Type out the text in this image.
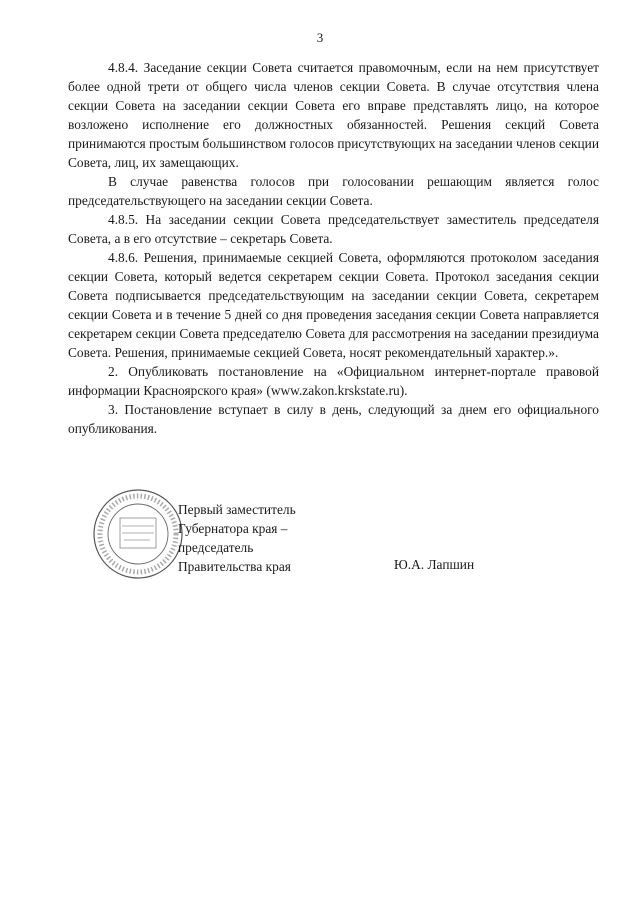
3

4.8.4. Заседание секции Совета считается правомочным, если на нем присутствует более одной трети от общего числа членов секции Совета. В случае отсутствия члена секции Совета на заседании секции Совета его вправе представлять лицо, на которое возложено исполнение его должностных обязанностей. Решения секций Совета принимаются простым большинством голосов присутствующих на заседании членов секции Совета, лиц, их замещающих.

В случае равенства голосов при голосовании решающим является голос председательствующего на заседании секции Совета.

4.8.5. На заседании секции Совета председательствует заместитель председателя Совета, а в его отсутствие – секретарь Совета.

4.8.6. Решения, принимаемые секцией Совета, оформляются протоколом заседания секции Совета, который ведется секретарем секции Совета. Протокол заседания секции Совета подписывается председательствующим на заседании секции Совета, секретарем секции Совета и в течение 5 дней со дня проведения заседания секции Совета направляется секретарем секции Совета председателю Совета для рассмотрения на заседании президиума Совета. Решения, принимаемые секцией Совета, носят рекомендательный характер.».

2. Опубликовать постановление на «Официальном интернет-портале правовой информации Красноярского края» (www.zakon.krskstate.ru).

3. Постановление вступает в силу в день, следующий за днем его официального опубликования.

Первый заместитель
Губернатора края –
председатель
Правительства края	Ю.А. Лапшин
